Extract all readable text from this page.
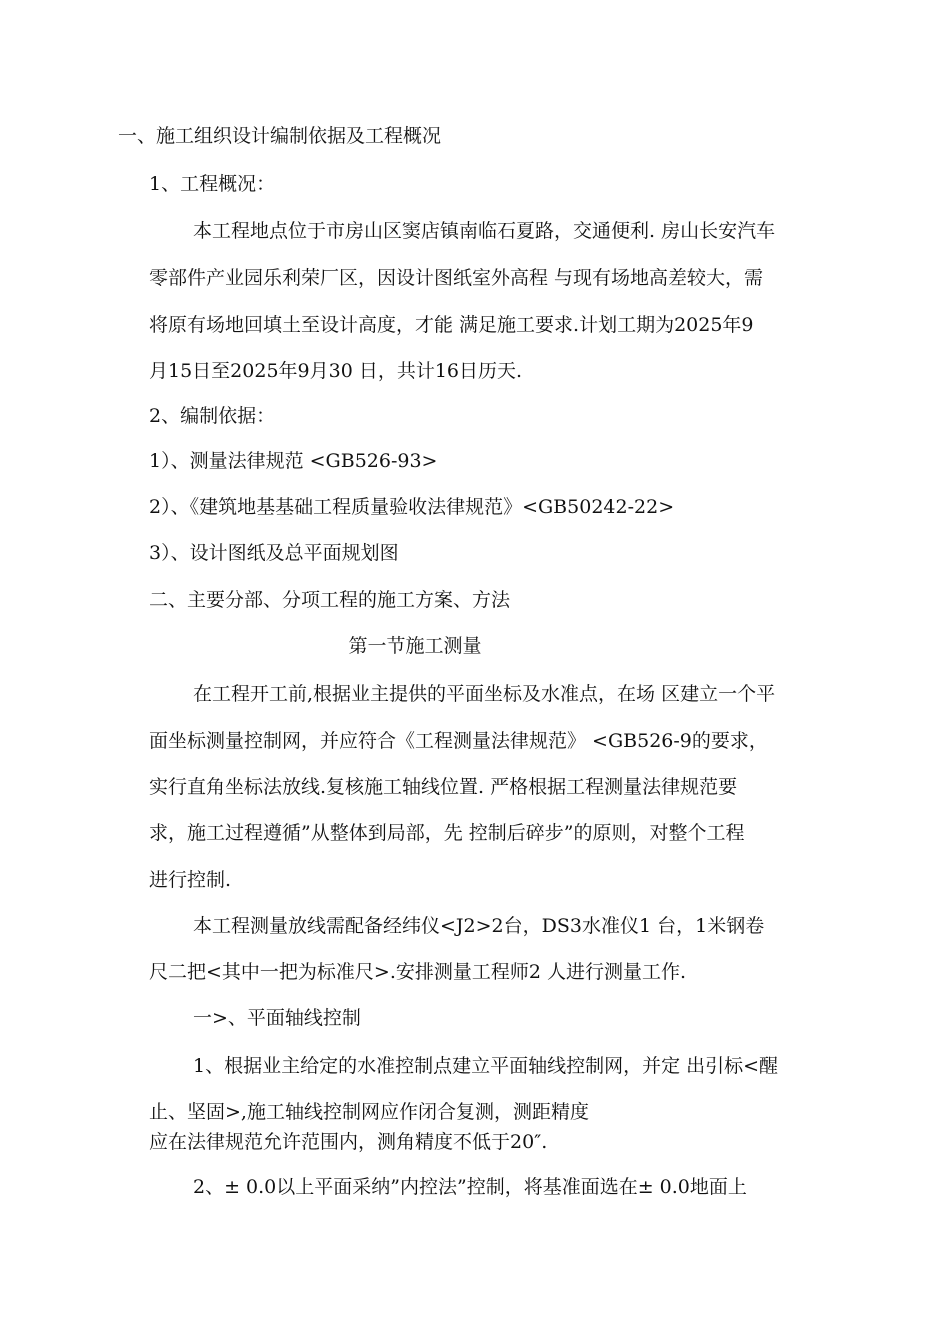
一、施工组织设计编制依据及工程概况
1、工程概况：
本工程地点位于市房山区窦店镇南临石夏路，交通便利. 房山长安汽车
零部件产业园乐利荣厂区，因设计图纸室外高程 与现有场地高差较大，需
将原有场地回填土至设计高度，才能 满足施工要求.计划工期为2025年9
月15日至2025年9月30 日，共计16日历天.
2、编制依据：
1）、测量法律规范 <GB526-93>
2）、《建筑地基基础工程质量验收法律规范》<GB50242-22>
3）、设计图纸及总平面规划图
二、主要分部、分项工程的施工方案、方法
第一节施工测量
在工程开工前,根据业主提供的平面坐标及水准点，在场 区建立一个平
面坐标测量控制网，并应符合《工程测量法律规范》 <GB526-9的要求，
实行直角坐标法放线.复核施工轴线位置. 严格根据工程测量法律规范要
求，施工过程遵循”从整体到局部，先 控制后碎步”的原则，对整个工程
进行控制.
本工程测量放线需配备经纬仪<J2>2台，DS3水准仪1 台，1米钢卷
尺二把<其中一把为标准尺>.安排测量工程师2 人进行测量工作.
一>、平面轴线控制
1、根据业主给定的水准控制点建立平面轴线控制网，并定 出引标<醒
止、坚固>,施工轴线控制网应作闭合复测，测距精度
应在法律规范允许范围内，测角精度不低于20″.
2、± 0.0以上平面采纳”内控法”控制，将基准面选在± 0.0地面上
